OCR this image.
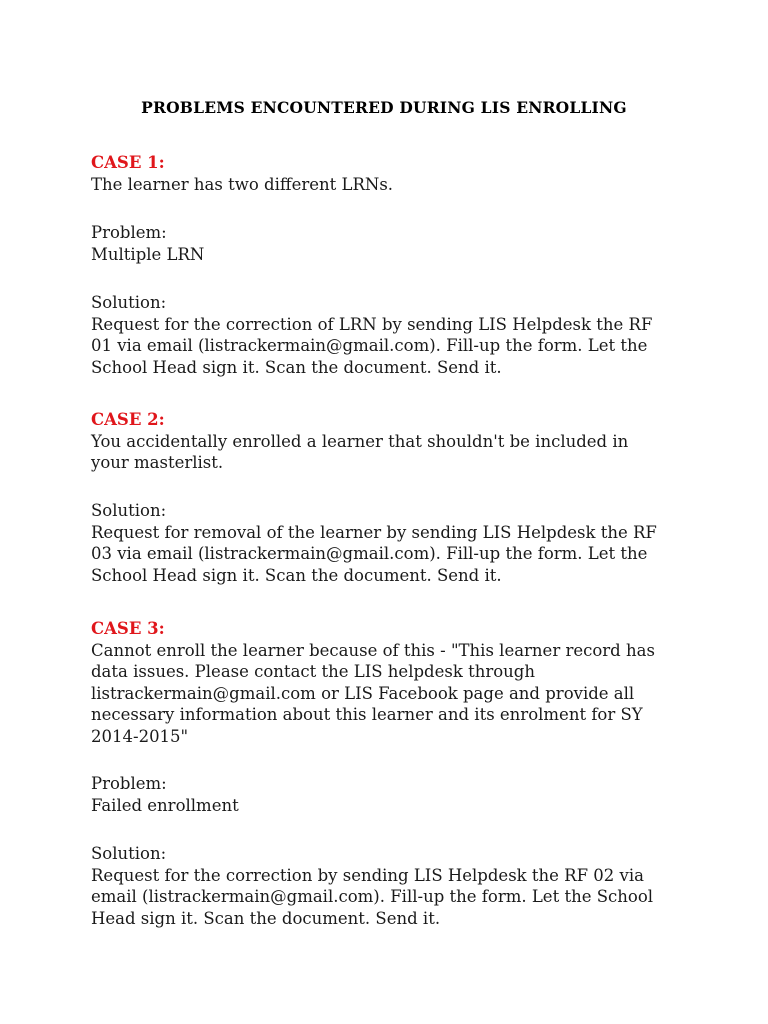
PROBLEMS ENCOUNTERED DURING LIS ENROLLING
CASE 1:
The learner has two different LRNs.
Problem:
Multiple LRN
Solution:
Request for the correction of LRN by sending LIS Helpdesk the RF
01 via email (listrackermain@gmail.com). Fill-up the form. Let the
School Head sign it. Scan the document. Send it.
CASE 2:
You accidentally enrolled a learner that shouldn't be included in
your masterlist.
Solution:
Request for removal of the learner by sending LIS Helpdesk the RF
03 via email (listrackermain@gmail.com). Fill-up the form. Let the
School Head sign it. Scan the document. Send it.
CASE 3:
Cannot enroll the learner because of this - "This learner record has
data issues. Please contact the LIS helpdesk through
listrackermain@gmail.com or LIS Facebook page and provide all
necessary information about this learner and its enrolment for SY
2014-2015"
Problem:
Failed enrollment
Solution:
Request for the correction by sending LIS Helpdesk the RF 02 via
email (listrackermain@gmail.com). Fill-up the form. Let the School
Head sign it. Scan the document. Send it.
